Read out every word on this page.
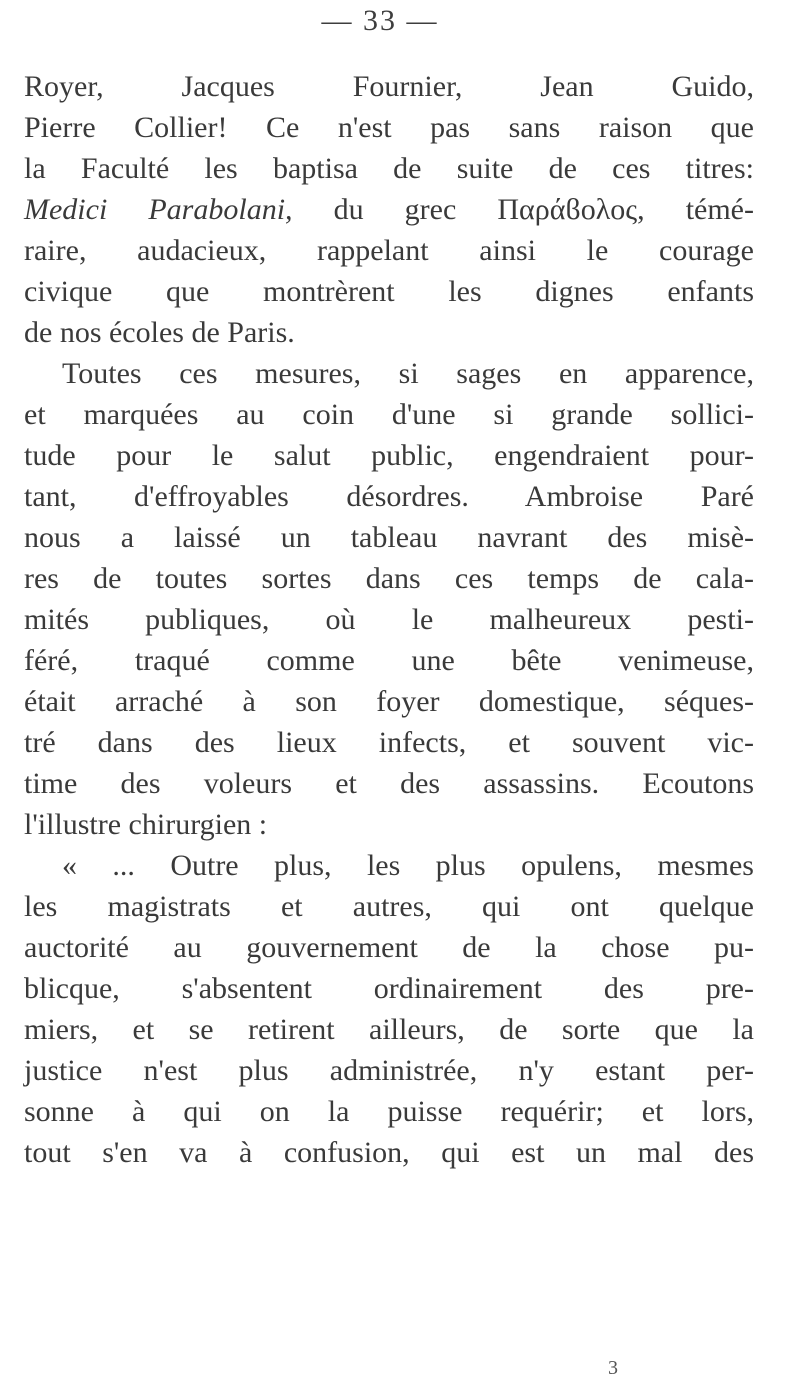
— 33 —
Royer, Jacques Fournier, Jean Guido,
Pierre Collier! Ce n'est pas sans raison que
la Faculté les baptisa de suite de ces titres:
Medici Parabolani, du grec Παράϐολος, témé-
raire, audacieux, rappelant ainsi le courage
civique que montrèrent les dignes enfants
de nos écoles de Paris.
Toutes ces mesures, si sages en apparence,
et marquées au coin d'une si grande sollici-
tude pour le salut public, engendraient pour-
tant, d'effroyables désordres. Ambroise Paré
nous a laissé un tableau navrant des misè-
res de toutes sortes dans ces temps de cala-
mités publiques, où le malheureux pesti-
féré, traqué comme une bête venimeuse,
était arraché à son foyer domestique, séques-
tré dans des lieux infects, et souvent vic-
time des voleurs et des assassins. Ecoutons
l'illustre chirurgien :
« ... Outre plus, les plus opulens, mesmes
les magistrats et autres, qui ont quelque
auctorité au gouvernement de la chose pu-
blicque, s'absentent ordinairement des pre-
miers, et se retirent ailleurs, de sorte que la
justice n'est plus administrée, n'y estant per-
sonne à qui on la puisse requérir; et lors,
tout s'en va à confusion, qui est un mal des
3
